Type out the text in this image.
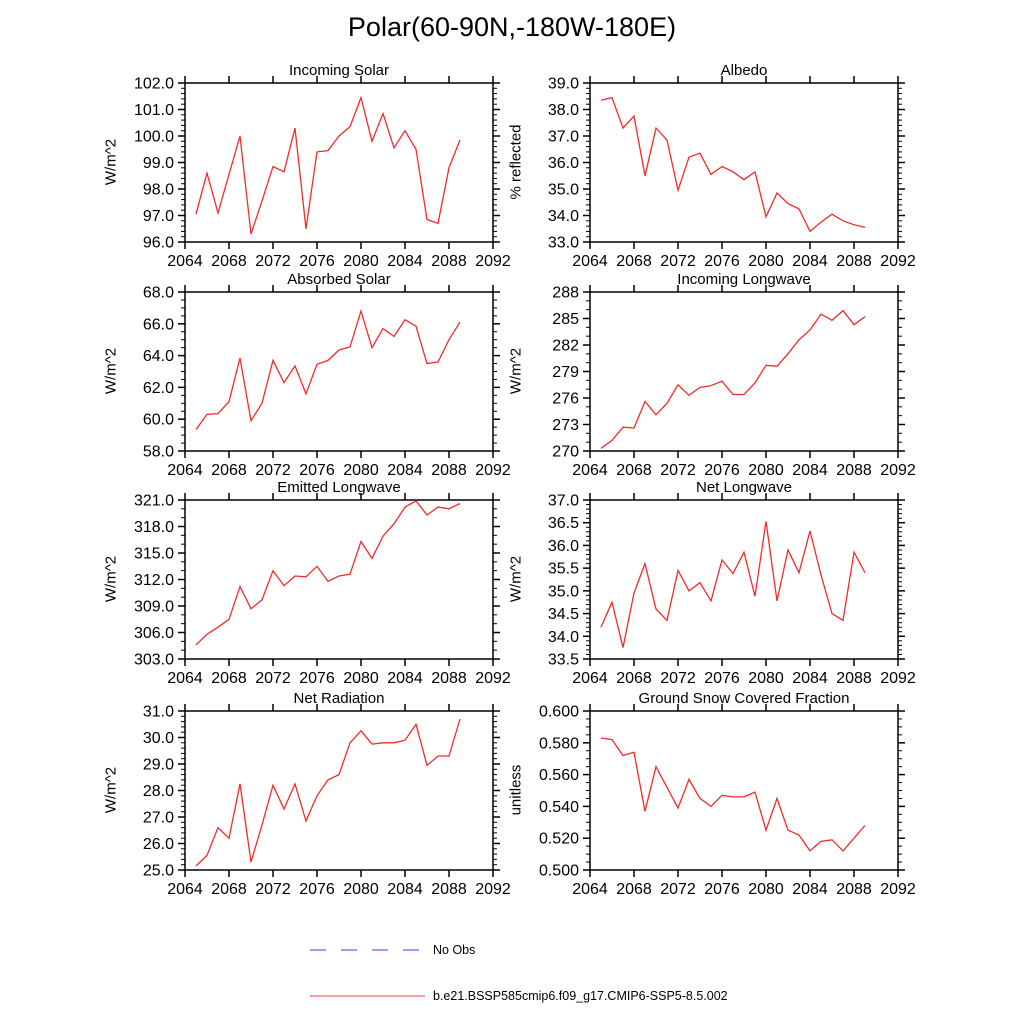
Polar(60-90N,-180W-180E)
Incoming Solar
W/m^2
2064 2068 2072 2076 2080 2084 2088 2092
96.0
97.0
98.0
99.0
100.0
101.0
102.0
Albedo
% reflected
2064 2068 2072 2076 2080 2084 2088 2092
33.0
34.0
35.0
36.0
37.0
38.0
39.0
Absorbed Solar
W/m^2
2064 2068 2072 2076 2080 2084 2088 2092
58.0
60.0
62.0
64.0
66.0
68.0
Incoming Longwave
W/m^2
2064 2068 2072 2076 2080 2084 2088 2092
270
273
276
279
282
285
288
Emitted Longwave
W/m^2
2064 2068 2072 2076 2080 2084 2088 2092
303.0
306.0
309.0
312.0
315.0
318.0
321.0
Net Longwave
W/m^2
2064 2068 2072 2076 2080 2084 2088 2092
33.5
34.0
34.5
35.0
35.5
36.0
36.5
37.0
Net Radiation
W/m^2
2064 2068 2072 2076 2080 2084 2088 2092
25.0
26.0
27.0
28.0
29.0
30.0
31.0
Ground Snow Covered Fraction
unitless
2064 2068 2072 2076 2080 2084 2088 2092
0.500
0.520
0.540
0.560
0.580
0.600
No Obs
b.e21.BSSP585cmip6.f09_g17.CMIP6-SSP5-8.5.002
